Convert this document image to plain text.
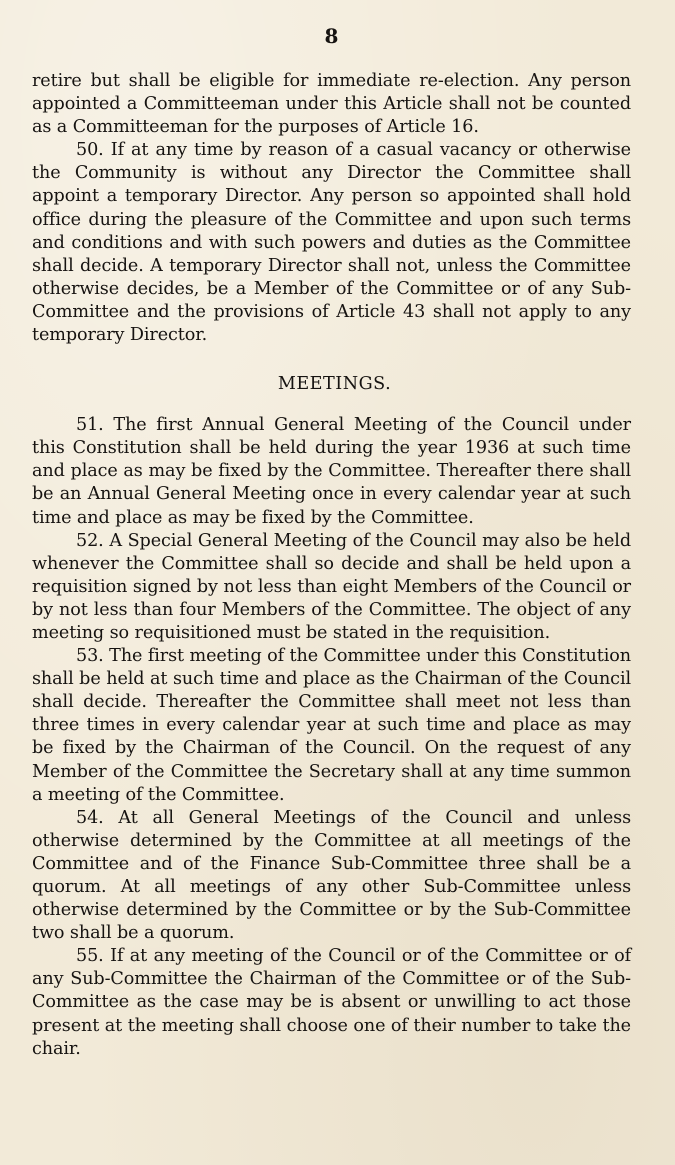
8

retire but shall be eligible for immediate re-election. Any person appointed a Committeeman under this Article shall not be counted as a Committeeman for the purposes of Article 16.

50. If at any time by reason of a casual vacancy or otherwise the Community is without any Director the Committee shall appoint a temporary Director. Any person so appointed shall hold office during the pleasure of the Committee and upon such terms and conditions and with such powers and duties as the Committee shall decide. A temporary Director shall not, unless the Committee otherwise decides, be a Member of the Committee or of any Sub-Committee and the provisions of Article 43 shall not apply to any temporary Director.

MEETINGS.

51. The first Annual General Meeting of the Council under this Constitution shall be held during the year 1936 at such time and place as may be fixed by the Committee. Thereafter there shall be an Annual General Meeting once in every calendar year at such time and place as may be fixed by the Committee.

52. A Special General Meeting of the Council may also be held whenever the Committee shall so decide and shall be held upon a requisition signed by not less than eight Members of the Council or by not less than four Members of the Committee. The object of any meeting so requisitioned must be stated in the requisition.

53. The first meeting of the Committee under this Constitution shall be held at such time and place as the Chairman of the Council shall decide. Thereafter the Committee shall meet not less than three times in every calendar year at such time and place as may be fixed by the Chairman of the Council. On the request of any Member of the Committee the Secretary shall at any time summon a meeting of the Committee.

54. At all General Meetings of the Council and unless otherwise determined by the Committee at all meetings of the Committee and of the Finance Sub-Committee three shall be a quorum. At all meetings of any other Sub-Committee unless otherwise determined by the Committee or by the Sub-Committee two shall be a quorum.

55. If at any meeting of the Council or of the Committee or of any Sub-Committee the Chairman of the Committee or of the Sub-Committee as the case may be is absent or unwilling to act those present at the meeting shall choose one of their number to take the chair.
